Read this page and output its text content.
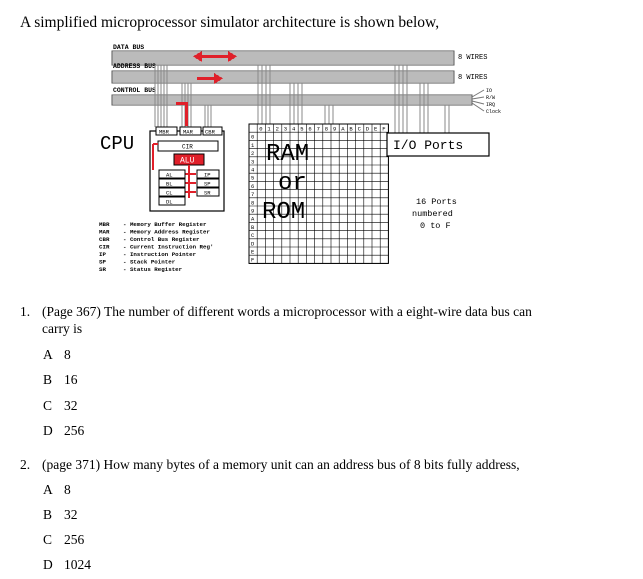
A simplified microprocessor simulator architecture is shown below,
DATA BUS
8 WIRES
ADDRESS BUS
8 WIRES
CONTROL BUS	IO
R/W
IRQ
Clock
CPU
MBR	MAR CBR
CIR
ALU
AL
BL
CL
DL
IP
SP
SR
0
0
1
1
2
2
3
3
4
4
5
5
6
6
7
7
8
8
9
9
A
A
B
B
C
C
D
D
E
E
F
F
RAM
or
ROM
I/O Ports
16 Ports
numbered
0 to F
MBR - Memory Buffer Register
MAR - Memory Address Register
CBR - Control Bus Register
CIR - Current Instruction Reg'
IP	- Instruction Pointer
SP	- Stack Pointer
SR	- Status Register
1. (Page 367) The number of different words a microprocessor with a eight-wire data bus can
carry is
A 8
B 16
C 32
D 256
2. (page 371) How many bytes of a memory unit can an address bus of 8 bits fully address,
A 8
B 32
C 256
D 1024
